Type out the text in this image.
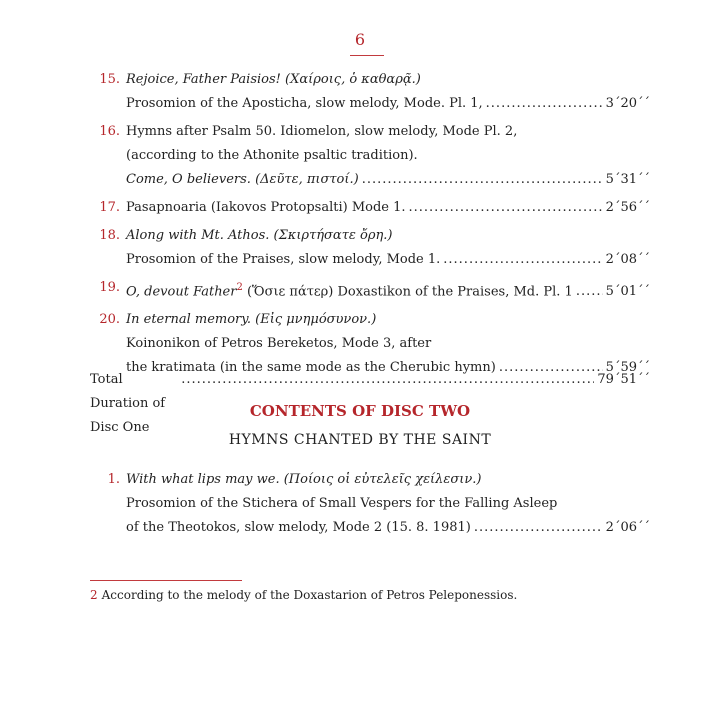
6
15. Rejoice, Father Paisios! (Χαίροις, ὁ καθαρᾷ.)
Prosomion of the Aposticha, slow melody, Mode. Pl. 1, .....	3΄20΄΄
16. Hymns after Psalm 50. Idiomelon, slow melody, Mode Pl. 2,
(according to the Athonite psaltic tradition).
Come, O believers. (Δεῦτε, πιστοί.) .....	5΄31΄΄
17. Pasapnoaria (Iakovos Protopsalti) Mode 1. .....	2΄56΄΄
18. Along with Mt. Athos. (Σκιρτήσατε ὄρη.)
Prosomion of the Praises, slow melody, Mode 1. .....	2΄08΄΄
19. O, devout Father$^2$ (Ὅσιε πάτερ) Doxastikon of the Praises, Md. Pl. 1 .....	5΄01΄΄
20. In eternal memory. (Εἰς μνημόσυνον.)
Koinonikon of Petros Bereketos, Mode 3, after
the kratimata (in the same mode as the Cherubic hymn) .....	5΄59΄΄
Total Duration of Disc One
.....
79΄51΄΄
CONTENTS OF DISC TWO
HYMNS CHANTED BY THE SAINT
1. With what lips may we. (Ποίοις οἱ εὐτελεῖς χείλεσιν.)
Prosomion of the Stichera of Small Vespers for the Falling Asleep
of the Theotokos, slow melody, Mode 2 (15. 8. 1981) .....	2΄06΄΄
2 According to the melody of the Doxastarion of Petros Peleponessios.
